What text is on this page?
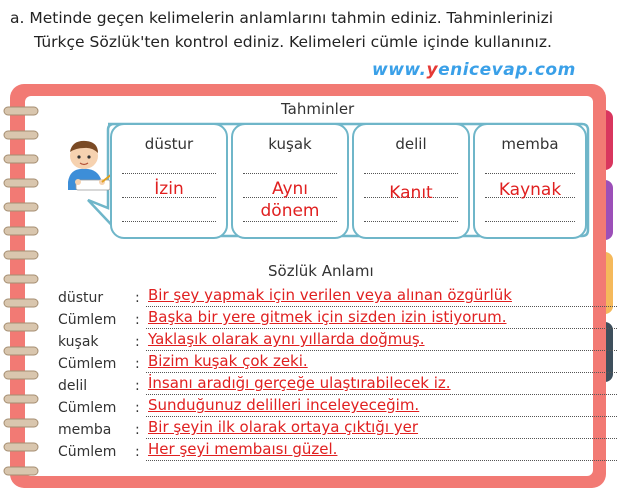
a. Metinde geçen kelimelerin anlamlarını tahmin ediniz. Tahminlerinizi
Türkçe Sözlük'ten kontrol ediniz. Kelimeleri cümle içinde kullanınız.
www.yenicevap.com
Tahminler
düstur
İzin
kuşak
Aynı
dönem
delil
Kanıt
memba
Kaynak
Sözlük Anlamı
düstur : Bir şey yapmak için verilen veya alınan özgürlük
Cümlem : Başka bir yere gitmek için sizden izin istiyorum.
kuşak	: Yaklaşık olarak aynı yıllarda doğmuş.
Cümlem : Bizim kuşak çok zeki.
delil	: İnsanı aradığı gerçeğe ulaştırabilecek iz.
Cümlem : Sunduğunuz delilleri inceleyeceğim.
memba : Bir şeyin ilk olarak ortaya çıktığı yer
Cümlem : Her şeyi membaısı güzel.
